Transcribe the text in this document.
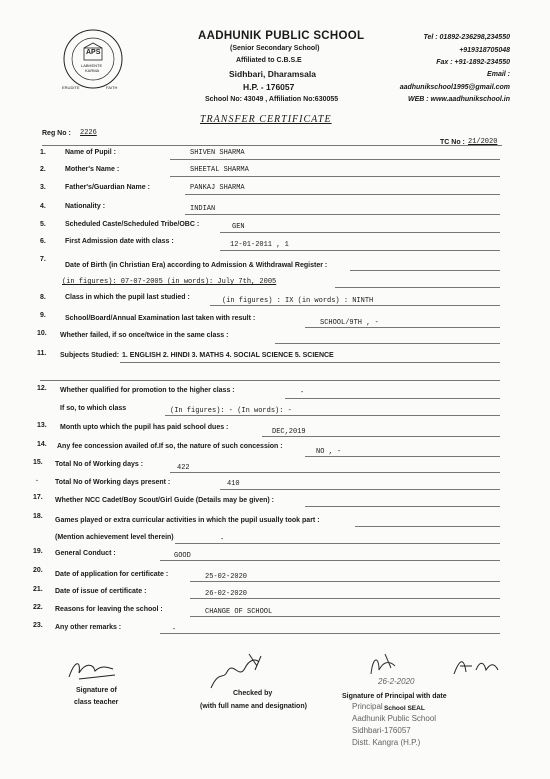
APS
LABHENTE
KARMA
ERUDITE	FAITH
AADHUNIK PUBLIC SCHOOL
(Senior Secondary School)
Affiliated to C.B.S.E
Sidhbari, Dharamsala
H.P. - 176057
School No: 43049 , Affiliation No:630055
Tel : 01892-236298,234550
+919318705048
Fax : +91-1892-234550
Email :
aadhunikschool1995@gmail.com
WEB : www.aadhunikschool.in
TRANSFER CERTIFICATE
Reg No : 2226
TC No : 21/2020
1.	Name of Pupil :	SHIVEN SHARMA
2.	Mother's Name :	SHEETAL SHARMA
3.	Father's/Guardian Name :	PANKAJ SHARMA
4.	Nationality :	INDIAN
5.	Scheduled Caste/Scheduled Tribe/OBC :	GEN
6.	First Admission date with class :	12-01-2011 , 1
7.
Date of Birth (in Christian Era) according to Admission & Withdrawal Register :
(in figures): 07-07-2005 (in words): July 7th, 2005
8.	Class in which the pupil last studied :	(in figures) : IX (in words) : NINTH
9.	School/Board/Annual Examination last taken with result :
SCHOOL/9TH , -
10. Whether failed, if so once/twice in the same class :
11. Subjects Studied: 1. ENGLISH 2. HINDI 3. MATHS 4. SOCIAL SCIENCE 5. SCIENCE
12. Whether qualified for promotion to the higher class :	-
If so, to which class	(In figures): - (In words): -
13. Month upto which the pupil has paid school dues :
DEC,2019
14. Any fee concession availed of.If so, the nature of such concession :
NO , -
15. Total No of Working days :	422
. Total No of Working days present :	410
17. Whether NCC Cadet/Boy Scout/Girl Guide (Details may be given) :
18.
Games played or extra curricular activities in which the pupil usually took part :
(Mention achievement level therein)	-
19. General Conduct :	GOOD
20.
Date of application for certificate :	25-02-2020
21. Date of issue of certificate :	26-02-2020
22. Reasons for leaving the school :	CHANGE OF SCHOOL
23. Any other remarks :	-
Signature of
class teacher
Checked by
(with full name and designation)
26-2-2020
Signature of Principal with date
School SEAL
Principal
Aadhunik Public School
Sidhbari-176057
Distt. Kangra (H.P.)
